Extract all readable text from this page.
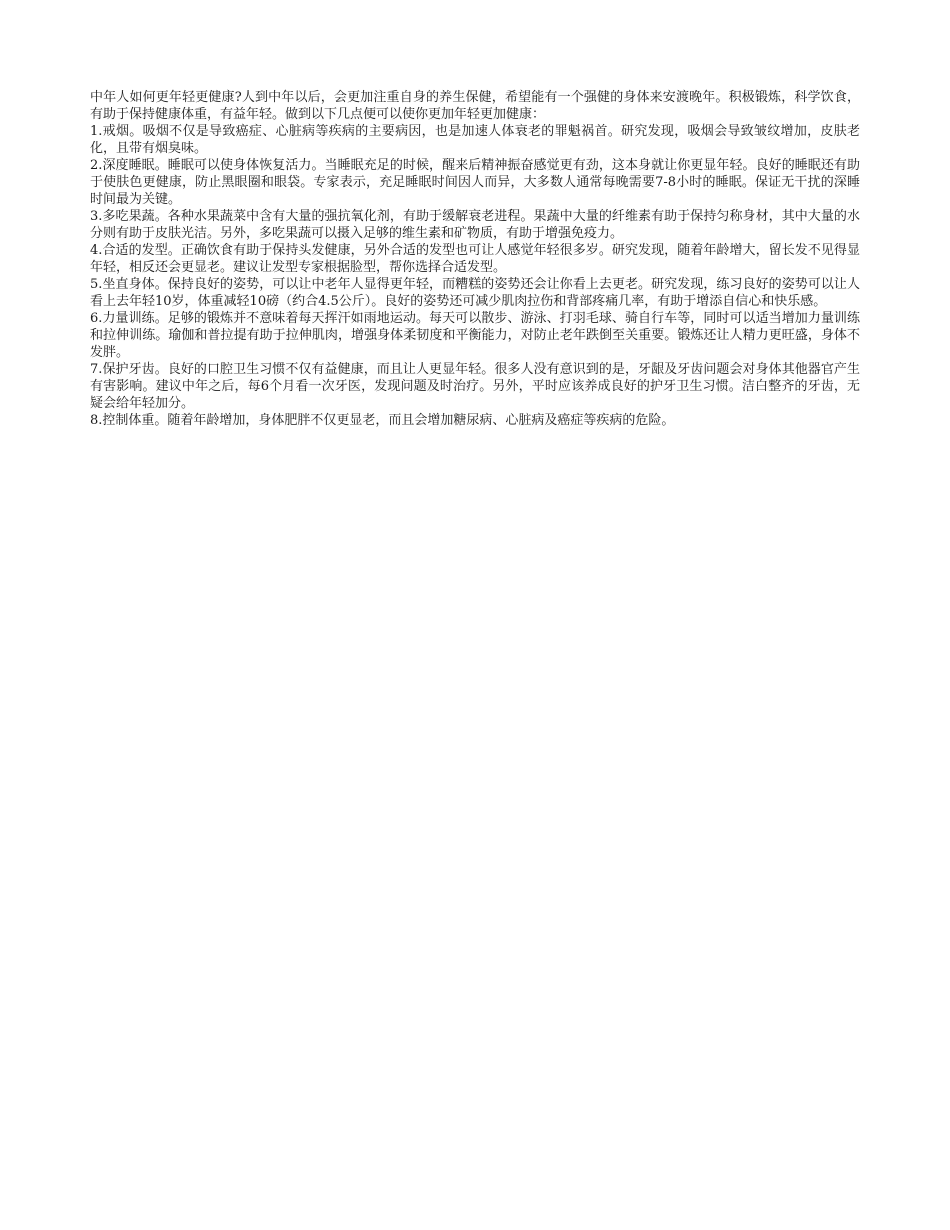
中年人如何更年轻更健康?人到中年以后，会更加注重自身的养生保健，希望能有一个强健的身体来安渡晚年。积极锻炼，科学饮食，有助于保持健康体重，有益年轻。做到以下几点便可以使你更加年轻更加健康：

1.戒烟。吸烟不仅是导致癌症、心脏病等疾病的主要病因，也是加速人体衰老的罪魁祸首。研究发现，吸烟会导致皱纹增加，皮肤老化，且带有烟臭味。

2.深度睡眠。睡眠可以使身体恢复活力。当睡眠充足的时候，醒来后精神振奋感觉更有劲，这本身就让你更显年轻。良好的睡眠还有助于使肤色更健康，防止黑眼圈和眼袋。专家表示，充足睡眠时间因人而异，大多数人通常每晚需要7-8小时的睡眠。保证无干扰的深睡时间最为关键。

3.多吃果蔬。各种水果蔬菜中含有大量的强抗氧化剂，有助于缓解衰老进程。果蔬中大量的纤维素有助于保持匀称身材，其中大量的水分则有助于皮肤光洁。另外，多吃果蔬可以摄入足够的维生素和矿物质，有助于增强免疫力。

4.合适的发型。正确饮食有助于保持头发健康，另外合适的发型也可让人感觉年轻很多岁。研究发现，随着年龄增大，留长发不见得显年轻，相反还会更显老。建议让发型专家根据脸型，帮你选择合适发型。

5.坐直身体。保持良好的姿势，可以让中老年人显得更年轻，而糟糕的姿势还会让你看上去更老。研究发现，练习良好的姿势可以让人看上去年轻10岁，体重减轻10磅（约合4.5公斤）。良好的姿势还可减少肌肉拉伤和背部疼痛几率，有助于增添自信心和快乐感。

6.力量训练。足够的锻炼并不意味着每天挥汗如雨地运动。每天可以散步、游泳、打羽毛球、骑自行车等，同时可以适当增加力量训练和拉伸训练。瑜伽和普拉提有助于拉伸肌肉，增强身体柔韧度和平衡能力，对防止老年跌倒至关重要。锻炼还让人精力更旺盛，身体不发胖。

7.保护牙齿。良好的口腔卫生习惯不仅有益健康，而且让人更显年轻。很多人没有意识到的是，牙龈及牙齿问题会对身体其他器官产生有害影响。建议中年之后，每6个月看一次牙医，发现问题及时治疗。另外，平时应该养成良好的护牙卫生习惯。洁白整齐的牙齿，无疑会给年轻加分。

8.控制体重。随着年龄增加，身体肥胖不仅更显老，而且会增加糖尿病、心脏病及癌症等疾病的危险。
